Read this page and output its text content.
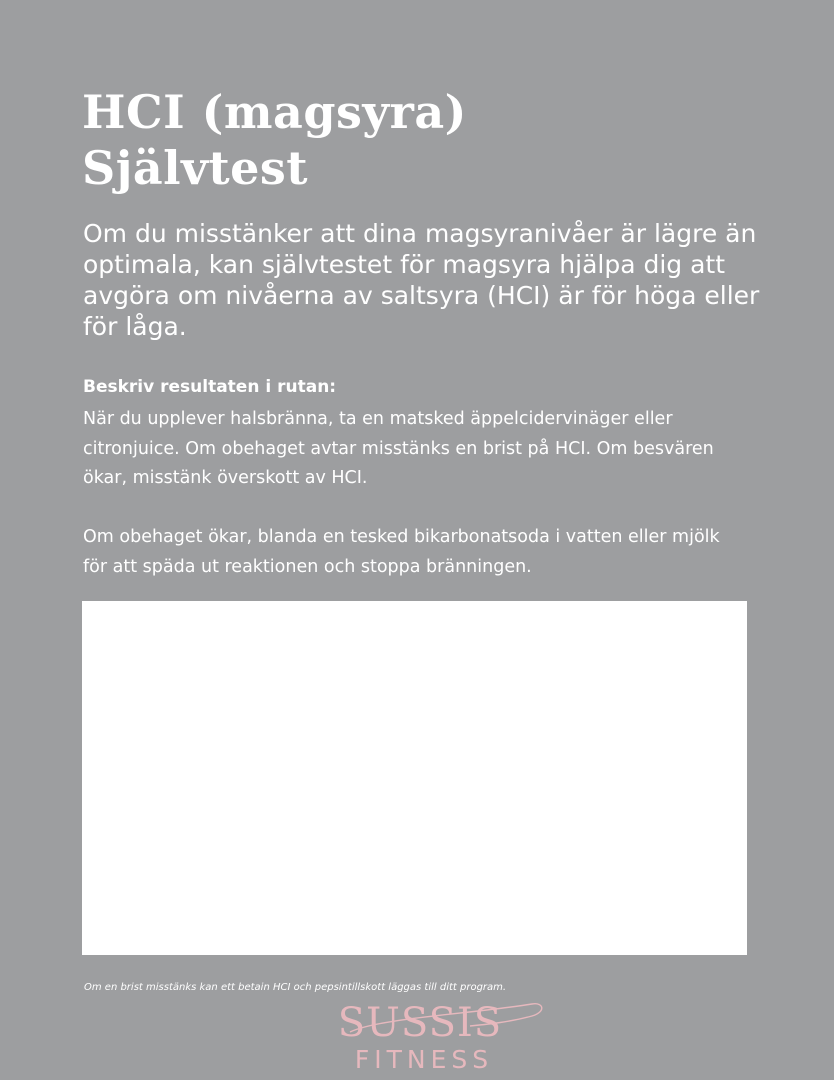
HCI (magsyra)
Självtest

Om du misstänker att dina magsyranivåer är lägre än optimala, kan självtestet för magsyra hjälpa dig att avgöra om nivåerna av saltsyra (HCI) är för höga eller för låga.

Beskriv resultaten i rutan:

När du upplever halsbränna, ta en matsked äppelcidervinäger eller citronjuice. Om obehaget avtar misstänks en brist på HCI. Om besvären ökar, misstänk överskott av HCI.

Om obehaget ökar, blanda en tesked bikarbonatsoda i vatten eller mjölk för att späda ut reaktionen och stoppa bränningen.

Om en brist misstänks kan ett betain HCI och pepsintillskott läggas till ditt program.

SUSSIS
FITNESS
